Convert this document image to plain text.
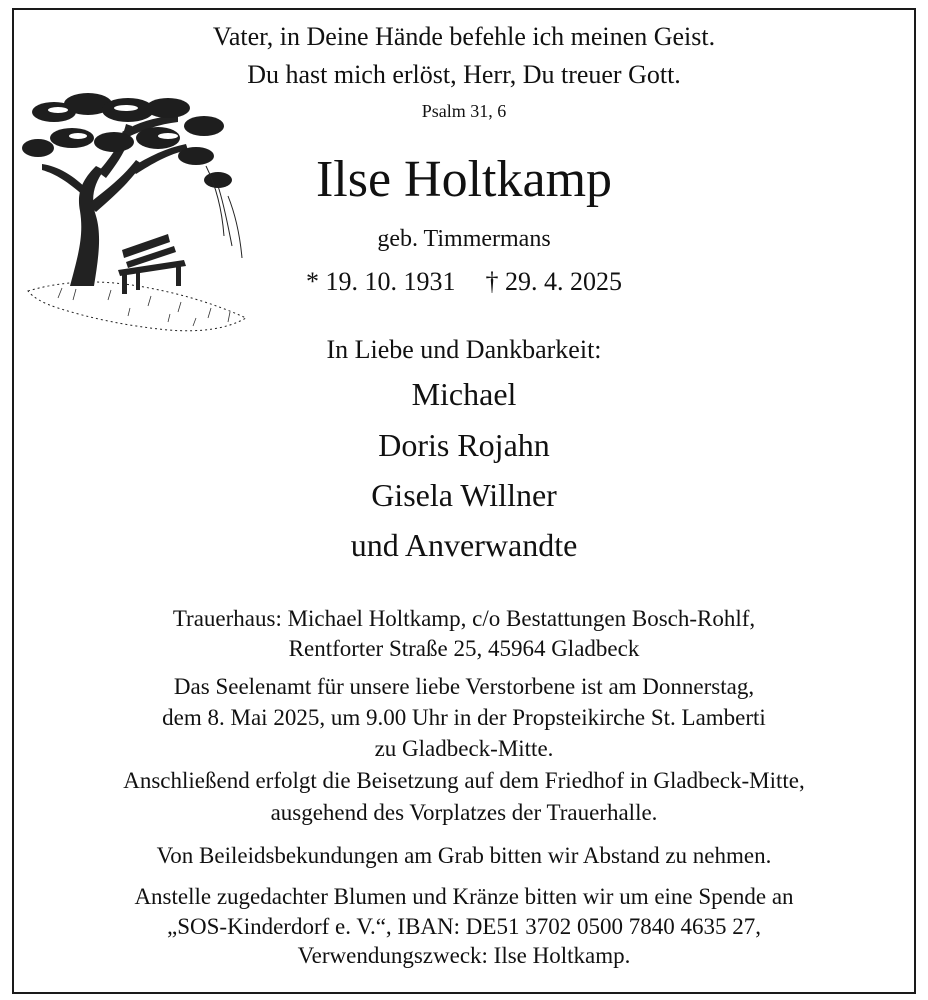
Vater, in Deine Hände befehle ich meinen Geist.
Du hast mich erlöst, Herr, Du treuer Gott.
Psalm 31, 6
Ilse Holtkamp
geb. Timmermans
* 19. 10. 1931 † 29. 4. 2025
In Liebe und Dankbarkeit:
Michael
Doris Rojahn
Gisela Willner
und Anverwandte
Trauerhaus: Michael Holtkamp, c/o Bestattungen Bosch-Rohlf,
Rentforter Straße 25, 45964 Gladbeck
Das Seelenamt für unsere liebe Verstorbene ist am Donnerstag,
dem 8. Mai 2025, um 9.00 Uhr in der Propsteikirche St. Lamberti
zu Gladbeck-Mitte.
Anschließend erfolgt die Beisetzung auf dem Friedhof in Gladbeck-Mitte,
ausgehend des Vorplatzes der Trauerhalle.
Von Beileidsbekundungen am Grab bitten wir Abstand zu nehmen.
Anstelle zugedachter Blumen und Kränze bitten wir um eine Spende an
„SOS-Kinderdorf e. V.“, IBAN: DE51 3702 0500 7840 4635 27,
Verwendungszweck: Ilse Holtkamp.
